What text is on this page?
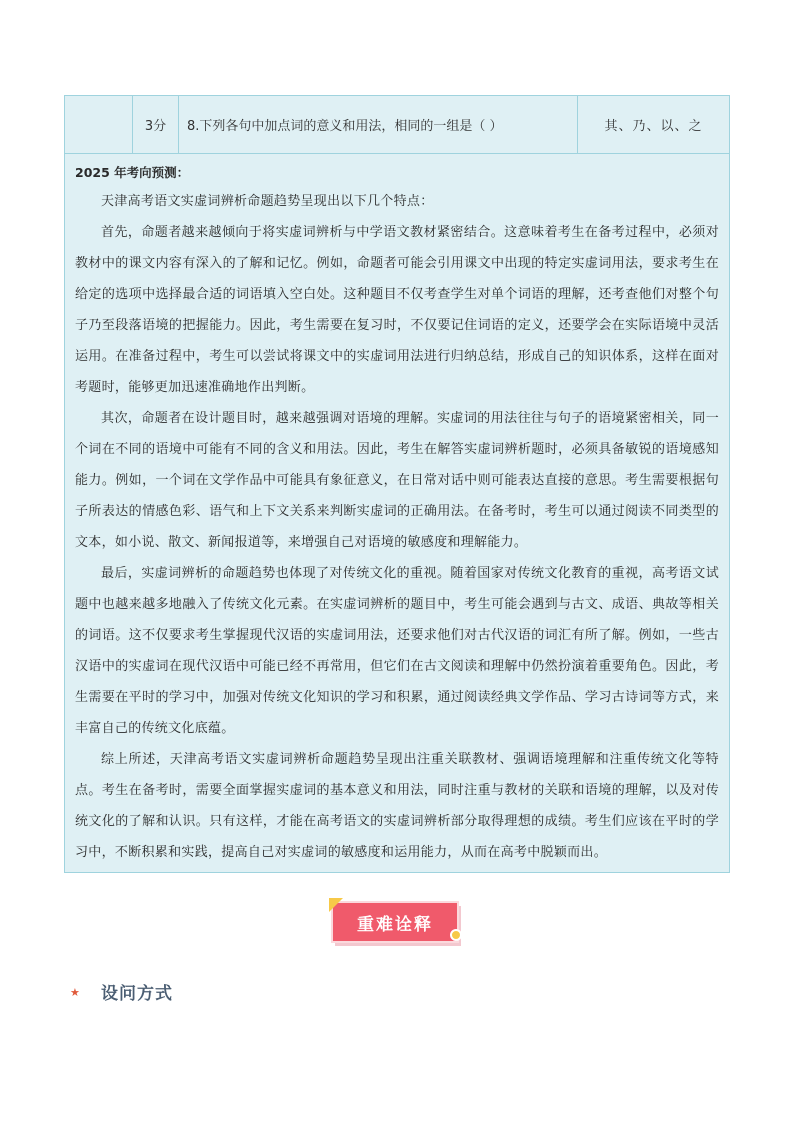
3分	8.下列各句中加点词的意义和用法，相同的一组是（ ）	其、乃、以、之
2025 年考向预测：

天津高考语文实虚词辨析命题趋势呈现出以下几个特点：

首先，命题者越来越倾向于将实虚词辨析与中学语文教材紧密结合。这意味着考生在备考过程中，必须对教材中的课文内容有深入的了解和记忆。例如，命题者可能会引用课文中出现的特定实虚词用法，要求考生在给定的选项中选择最合适的词语填入空白处。这种题目不仅考查学生对单个词语的理解，还考查他们对整个句子乃至段落语境的把握能力。因此，考生需要在复习时，不仅要记住词语的定义，还要学会在实际语境中灵活运用。在准备过程中，考生可以尝试将课文中的实虚词用法进行归纳总结，形成自己的知识体系，这样在面对考题时，能够更加迅速准确地作出判断。

其次，命题者在设计题目时，越来越强调对语境的理解。实虚词的用法往往与句子的语境紧密相关，同一个词在不同的语境中可能有不同的含义和用法。因此，考生在解答实虚词辨析题时，必须具备敏锐的语境感知能力。例如，一个词在文学作品中可能具有象征意义，在日常对话中则可能表达直接的意思。考生需要根据句子所表达的情感色彩、语气和上下文关系来判断实虚词的正确用法。在备考时，考生可以通过阅读不同类型的文本，如小说、散文、新闻报道等，来增强自己对语境的敏感度和理解能力。

最后，实虚词辨析的命题趋势也体现了对传统文化的重视。随着国家对传统文化教育的重视，高考语文试题中也越来越多地融入了传统文化元素。在实虚词辨析的题目中，考生可能会遇到与古文、成语、典故等相关的词语。这不仅要求考生掌握现代汉语的实虚词用法，还要求他们对古代汉语的词汇有所了解。例如，一些古汉语中的实虚词在现代汉语中可能已经不再常用，但它们在古文阅读和理解中仍然扮演着重要角色。因此，考生需要在平时的学习中，加强对传统文化知识的学习和积累，通过阅读经典文学作品、学习古诗词等方式，来丰富自己的传统文化底蕴。

综上所述，天津高考语文实虚词辨析命题趋势呈现出注重关联教材、强调语境理解和注重传统文化等特点。考生在备考时，需要全面掌握实虚词的基本意义和用法，同时注重与教材的关联和语境的理解，以及对传统文化的了解和认识。只有这样，才能在高考语文的实虚词辨析部分取得理想的成绩。考生们应该在平时的学习中，不断积累和实践，提高自己对实虚词的敏感度和运用能力，从而在高考中脱颖而出。

重难诠释
★ 设问方式
